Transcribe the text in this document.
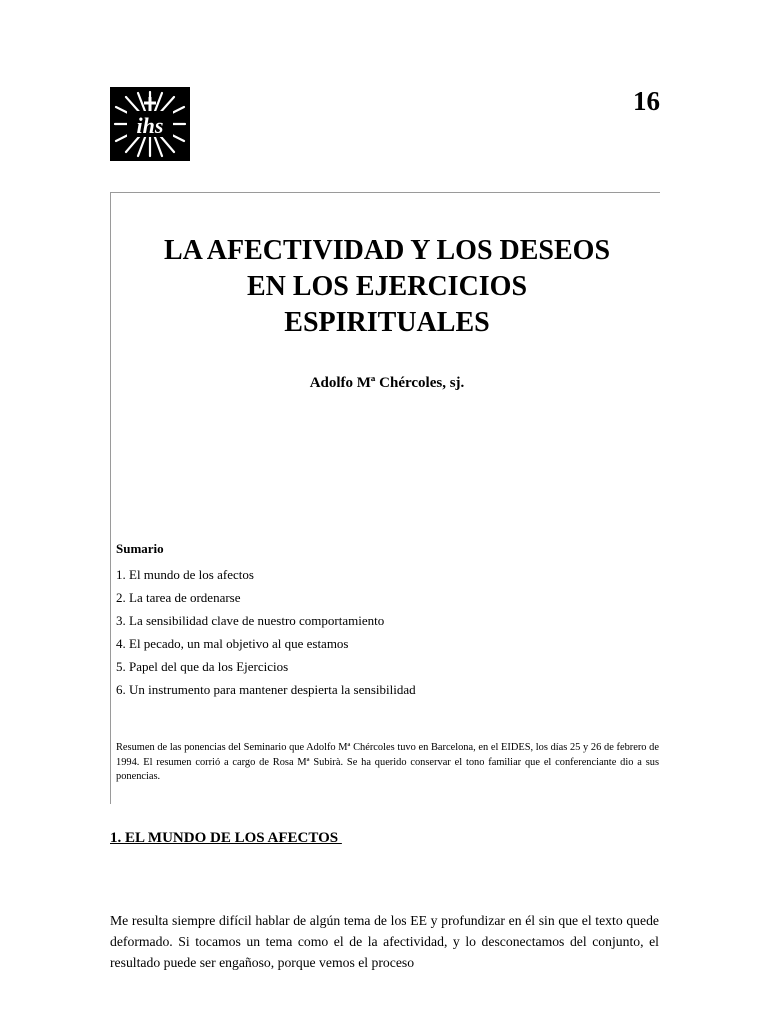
ihs
16
LA AFECTIVIDAD Y LOS DESEOS
EN LOS EJERCICIOS
ESPIRITUALES
Adolfo Mª Chércoles, sj.
Sumario
1. El mundo de los afectos
2. La tarea de ordenarse
3. La sensibilidad clave de nuestro comportamiento
4. El pecado, un mal objetivo al que estamos
5. Papel del que da los Ejercicios
6. Un instrumento para mantener despierta la sensibilidad
Resumen de las ponencias del Seminario que Adolfo Mª Chércoles tuvo en Barcelona, en el EIDES, los días 25 y 26 de febrero de 1994. El resumen corrió a cargo de Rosa Mª Subirà. Se ha querido conservar el tono familiar que el conferenciante dio a sus ponencias.
1. EL MUNDO DE LOS AFECTOS
Me resulta siempre difícil hablar de algún tema de los EE y profundizar en él sin que el texto quede deformado. Si tocamos un tema como el de la afectividad, y lo desconectamos del conjunto, el resultado puede ser engañoso, porque vemos el proceso
